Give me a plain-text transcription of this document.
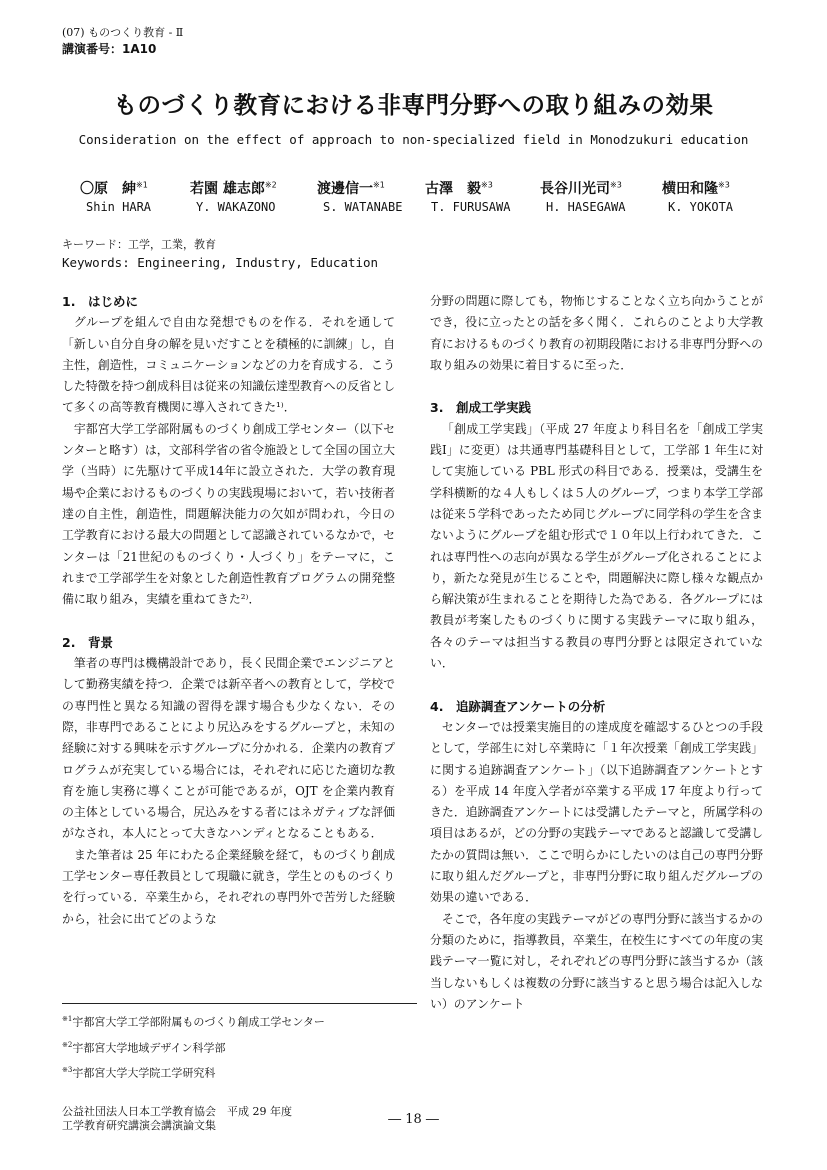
(07) ものつくり教育 - Ⅱ
講演番号：1A10
ものづくり教育における非専門分野への取り組みの効果
Consideration on the effect of approach to non-specialized field in Monodzukuri education
〇原　紳$^{※1}$
Shin HARA
若園 雄志郎$^{※2}$
Y. WAKAZONO
渡邊信一$^{※1}$
S. WATANABE
古澤　毅$^{※3}$
T. FURUSAWA
長谷川光司$^{※3}$
H. HASEGAWA
横田和隆$^{※3}$
K. YOKOTA
キーワード：工学，工業，教育
Keywords: Engineering, Industry, Education
1.　はじめに

グループを組んで自由な発想でものを作る．それを通して「新しい自分自身の解を見いだすことを積極的に訓練」し，自主性，創造性，コミュニケーションなどの力を育成する．こうした特徴を持つ創成科目は従来の知識伝達型教育への反省として多くの高等教育機関に導入されてきた¹⁾．

宇都宮大学工学部附属ものづくり創成工学センター（以下センターと略す）は，文部科学省の省令施設として全国の国立大学（当時）に先駆けて平成14年に設立された．大学の教育現場や企業におけるものづくりの実践現場において，若い技術者達の自主性，創造性，問題解決能力の欠如が問われ，今日の工学教育における最大の問題として認識されているなかで，センターは「21世紀のものづくり・人づくり」をテーマに，これまで工学部学生を対象とした創造性教育プログラムの開発整備に取り組み，実績を重ねてきた²⁾．

2.　背景

筆者の専門は機構設計であり，長く民間企業でエンジニアとして勤務実績を持つ．企業では新卒者への教育として，学校での専門性と異なる知識の習得を課す場合も少なくない．その際，非専門であることにより尻込みをするグループと，未知の経験に対する興味を示すグループに分かれる．企業内の教育プログラムが充実している場合には，それぞれに応じた適切な教育を施し実務に導くことが可能であるが，OJT を企業内教育の主体としている場合，尻込みをする者にはネガティブな評価がなされ，本人にとって大きなハンディとなることもある．

また筆者は 25 年にわたる企業経験を経て，ものづくり創成工学センター専任教員として現職に就き，学生とのものづくりを行っている．卒業生から，それぞれの専門外で苦労した経験から，社会に出てどのような

分野の問題に際しても，物怖じすることなく立ち向かうことができ，役に立ったとの話を多く聞く．これらのことより大学教育におけるものづくり教育の初期段階における非専門分野への取り組みの効果に着目するに至った．

3.　創成工学実践

「創成工学実践」（平成 27 年度より科目名を「創成工学実践Ⅰ」に変更）は共通専門基礎科目として，工学部 1 年生に対して実施している PBL 形式の科目である．授業は，受講生を学科横断的な４人もしくは５人のグループ，つまり本学工学部は従来５学科であったため同じグループに同学科の学生を含まないようにグループを組む形式で１０年以上行われてきた．これは専門性への志向が異なる学生がグループ化されることにより，新たな発見が生じることや，問題解決に際し様々な観点から解決策が生まれることを期待した為である．各グループには教員が考案したものづくりに関する実践テーマに取り組み，各々のテーマは担当する教員の専門分野とは限定されていない．

4.　追跡調査アンケートの分析

センターでは授業実施目的の達成度を確認するひとつの手段として，学部生に対し卒業時に「１年次授業「創成工学実践」に関する追跡調査アンケート」（以下追跡調査アンケートとする）を平成 14 年度入学者が卒業する平成 17 年度より行ってきた．追跡調査アンケートには受講したテーマと，所属学科の項目はあるが，どの分野の実践テーマであると認識して受講したかの質問は無い．ここで明らかにしたいのは自己の専門分野に取り組んだグループと，非専門分野に取り組んだグループの効果の違いである．

そこで，各年度の実践テーマがどの専門分野に該当するかの分類のために，指導教員，卒業生，在校生にすべての年度の実践テーマ一覧に対し，それぞれどの専門分野に該当するか（該当しないもしくは複数の分野に該当すると思う場合は記入しない）のアンケート

$^{※1}$宇都宮大学工学部附属ものづくり創成工学センター
$^{※2}$宇都宮大学地域デザイン科学部
$^{※3}$宇都宮大学大学院工学研究科
公益社団法人日本工学教育協会　平成 29 年度
工学教育研究講演会講演論文集	― 18 ―
